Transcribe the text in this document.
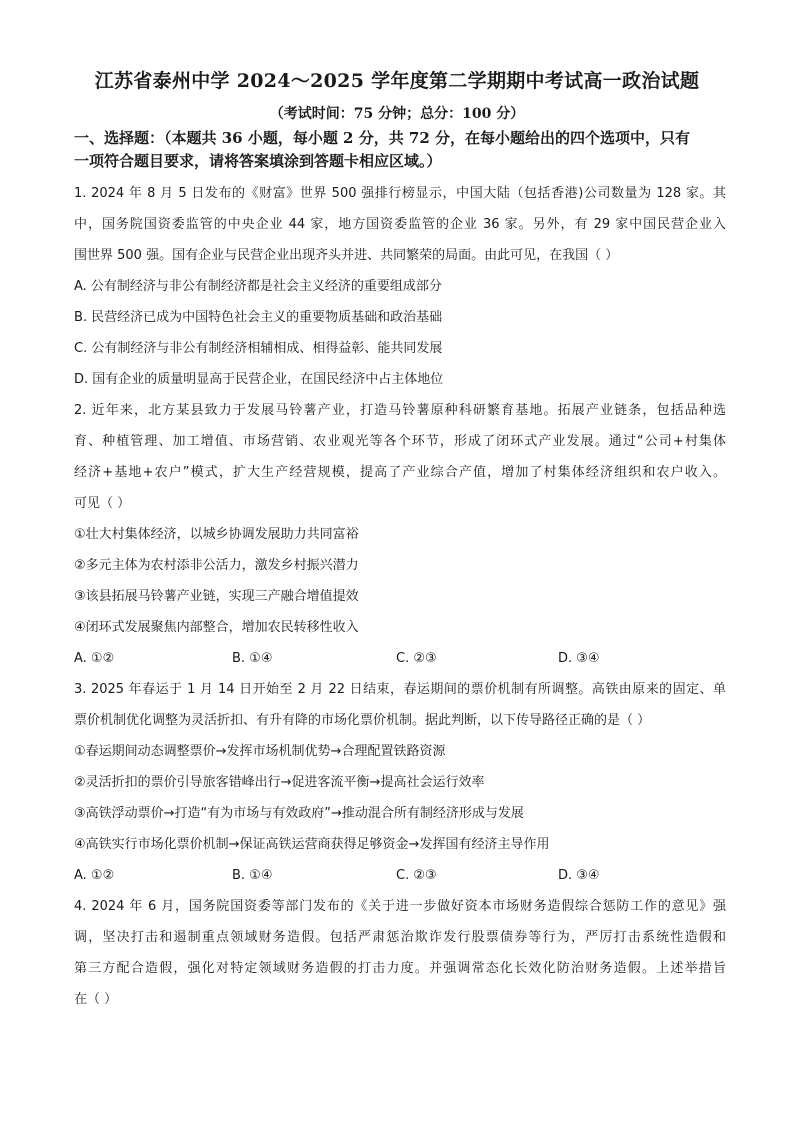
江苏省泰州中学 2024～2025 学年度第二学期期中考试高一政治试题
（考试时间：75 分钟；总分：100 分）
一、选择题：（本题共 36 小题，每小题 2 分，共 72 分，在每小题给出的四个选项中，只有
一项符合题目要求，请将答案填涂到答题卡相应区域。）
1. 2024 年 8 月 5 日发布的《财富》世界 500 强排行榜显示，中国大陆（包括香港)公司数量为 128 家。其
中，国务院国资委监管的中央企业 44 家，地方国资委监管的企业 36 家。另外，有 29 家中国民营企业入
围世界 500 强。国有企业与民营企业出现齐头并进、共同繁荣的局面。由此可见，在我国（ ）
A. 公有制经济与非公有制经济都是社会主义经济的重要组成部分
B. 民营经济已成为中国特色社会主义的重要物质基础和政治基础
C. 公有制经济与非公有制经济相辅相成、相得益彰、能共同发展
D. 国有企业的质量明显高于民营企业，在国民经济中占主体地位
2. 近年来，北方某县致力于发展马铃薯产业，打造马铃薯原种科研繁育基地。拓展产业链条，包括品种选
育、种植管理、加工增值、市场营销、农业观光等各个环节，形成了闭环式产业发展。通过“公司+村集体
经济+基地+农户”模式，扩大生产经营规模，提高了产业综合产值，增加了村集体经济组织和农户收入。
可见（ ）
①壮大村集体经济，以城乡协调发展助力共同富裕
②多元主体为农村添非公活力，激发乡村振兴潜力
③该县拓展马铃薯产业链，实现三产融合增值提效
④闭环式发展聚焦内部整合，增加农民转移性收入
A. ①②	B. ①④	C. ②③	D. ③④
3. 2025 年春运于 1 月 14 日开始至 2 月 22 日结束，春运期间的票价机制有所调整。高铁由原来的固定、单
票价机制优化调整为灵活折扣、有升有降的市场化票价机制。据此判断，以下传导路径正确的是（ ）
①春运期间动态调整票价→发挥市场机制优势→合理配置铁路资源
②灵活折扣的票价引导旅客错峰出行→促进客流平衡→提高社会运行效率
③高铁浮动票价→打造“有为市场与有效政府”→推动混合所有制经济形成与发展
④高铁实行市场化票价机制→保证高铁运营商获得足够资金→发挥国有经济主导作用
A. ①②	B. ①④	C. ②③	D. ③④
4. 2024 年 6 月，国务院国资委等部门发布的《关于进一步做好资本市场财务造假综合惩防工作的意见》强
调，坚决打击和遏制重点领域财务造假。包括严肃惩治欺诈发行股票债券等行为，严厉打击系统性造假和
第三方配合造假，强化对特定领域财务造假的打击力度。并强调常态化长效化防治财务造假。上述举措旨
在（ ）
